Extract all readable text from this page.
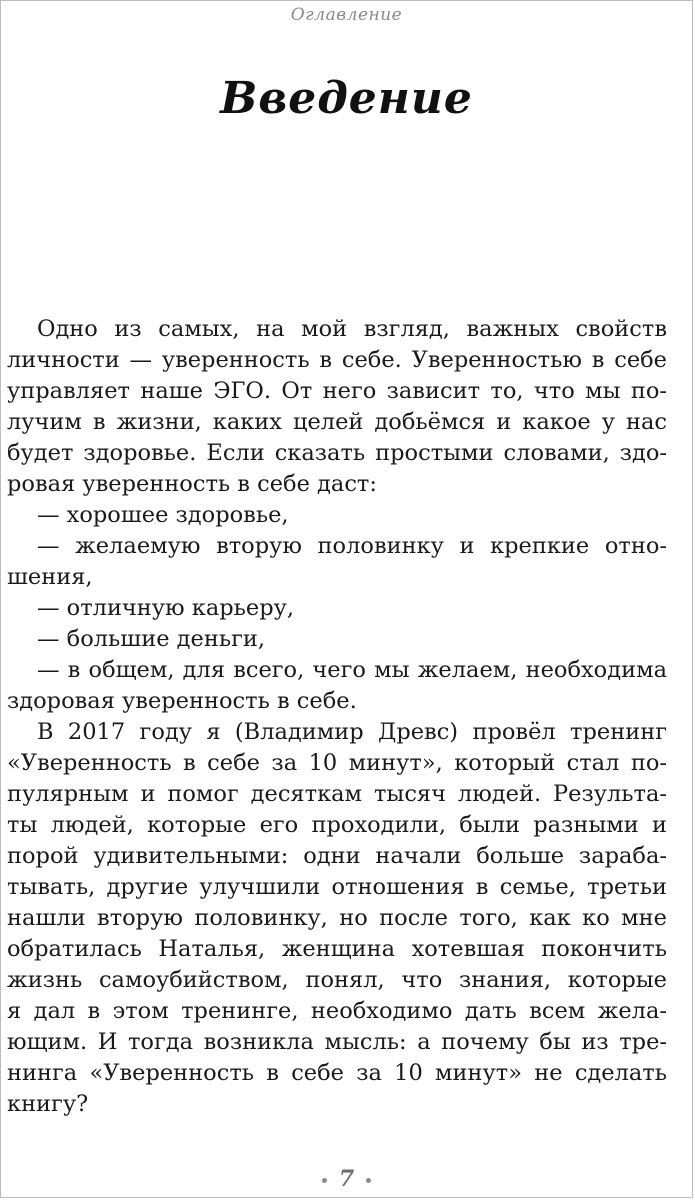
Оглавление
Введение
Одно из самых, на мой взгляд, важных свойств
личности — уверенность в себе. Уверенностью в себе
управляет наше ЭГО. От него зависит то, что мы по-
лучим в жизни, каких целей добьёмся и какое у нас
будет здоровье. Если сказать простыми словами, здо-
ровая уверенность в себе даст:
— хорошее здоровье,
— желаемую вторую половинку и крепкие отно-
шения,
— отличную карьеру,
— большие деньги,
— в общем, для всего, чего мы желаем, необходима
здоровая уверенность в себе.
В 2017 году я (Владимир Древс) провёл тренинг
«Уверенность в себе за 10 минут», который стал по-
пулярным и помог десяткам тысяч людей. Результа-
ты людей, которые его проходили, были разными и
порой удивительными: одни начали больше зараба-
тывать, другие улучшили отношения в семье, третьи
нашли вторую половинку, но после того, как ко мне
обратилась Наталья, женщина хотевшая покончить
жизнь самоубийством, понял, что знания, которые
я дал в этом тренинге, необходимо дать всем жела-
ющим. И тогда возникла мысль: а почему бы из тре-
нинга «Уверенность в себе за 10 минут» не сделать
книгу?
7
